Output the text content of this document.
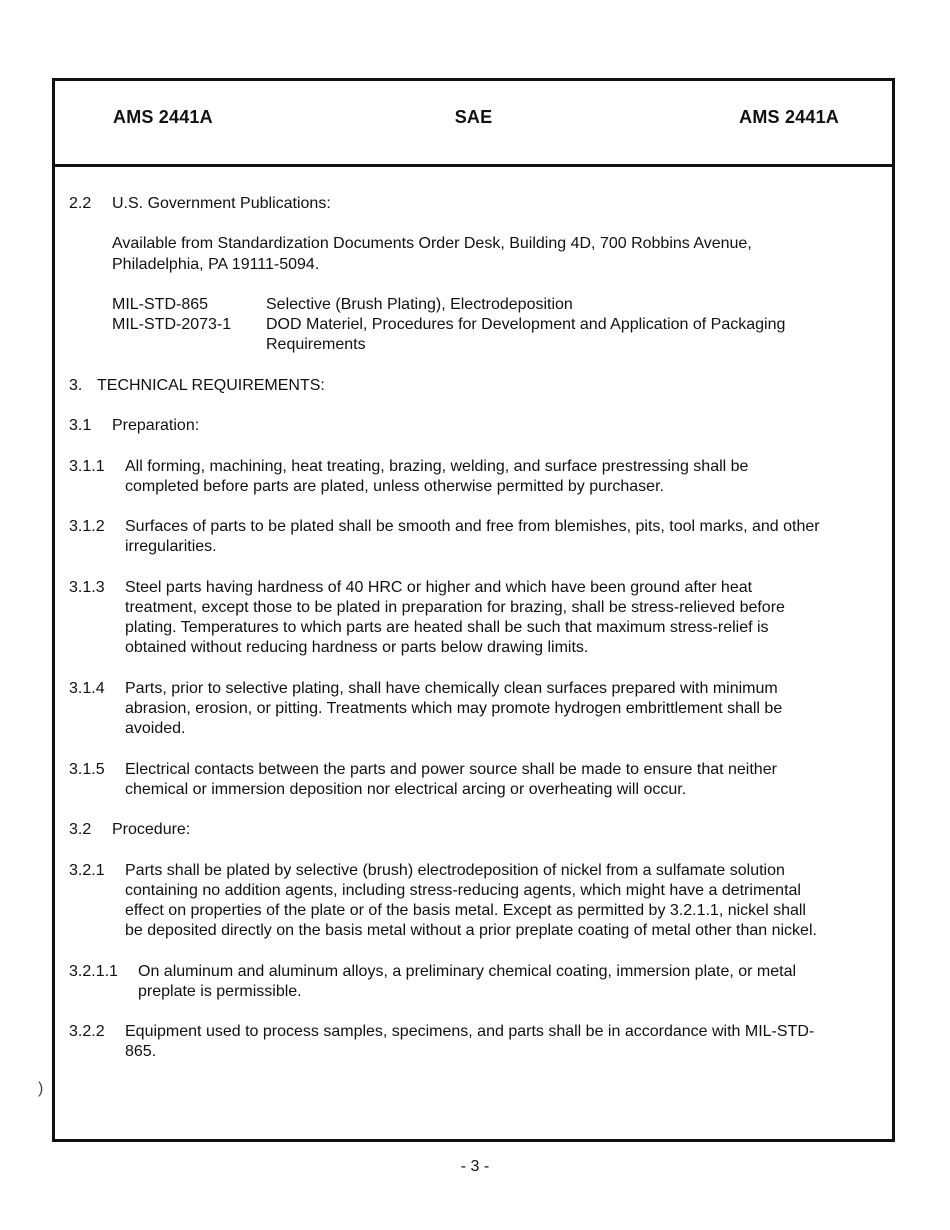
AMS 2441A	SAE	AMS 2441A
2.2 U.S. Government Publications:
Available from Standardization Documents Order Desk, Building 4D, 700 Robbins Avenue,
Philadelphia, PA 19111-5094.
MIL-STD-865	Selective (Brush Plating), Electrodeposition
MIL-STD-2073-1 DOD Materiel, Procedures for Development and Application of Packaging
Requirements
3. TECHNICAL REQUIREMENTS:
3.1 Preparation:
3.1.1 All forming, machining, heat treating, brazing, welding, and surface prestressing shall be
completed before parts are plated, unless otherwise permitted by purchaser.
3.1.2 Surfaces of parts to be plated shall be smooth and free from blemishes, pits, tool marks, and other
irregularities.
3.1.3 Steel parts having hardness of 40 HRC or higher and which have been ground after heat
treatment, except those to be plated in preparation for brazing, shall be stress-relieved before
plating. Temperatures to which parts are heated shall be such that maximum stress-relief is
obtained without reducing hardness or parts below drawing limits.
3.1.4 Parts, prior to selective plating, shall have chemically clean surfaces prepared with minimum
abrasion, erosion, or pitting. Treatments which may promote hydrogen embrittlement shall be
avoided.
3.1.5 Electrical contacts between the parts and power source shall be made to ensure that neither
chemical or immersion deposition nor electrical arcing or overheating will occur.
3.2 Procedure:
3.2.1 Parts shall be plated by selective (brush) electrodeposition of nickel from a sulfamate solution
containing no addition agents, including stress-reducing agents, which might have a detrimental
effect on properties of the plate or of the basis metal. Except as permitted by 3.2.1.1, nickel shall
be deposited directly on the basis metal without a prior preplate coating of metal other than nickel.
3.2.1.1 On aluminum and aluminum alloys, a preliminary chemical coating, immersion plate, or metal
preplate is permissible.
3.2.2 Equipment used to process samples, specimens, and parts shall be in accordance with MIL-STD-
865.
)
- 3 -
